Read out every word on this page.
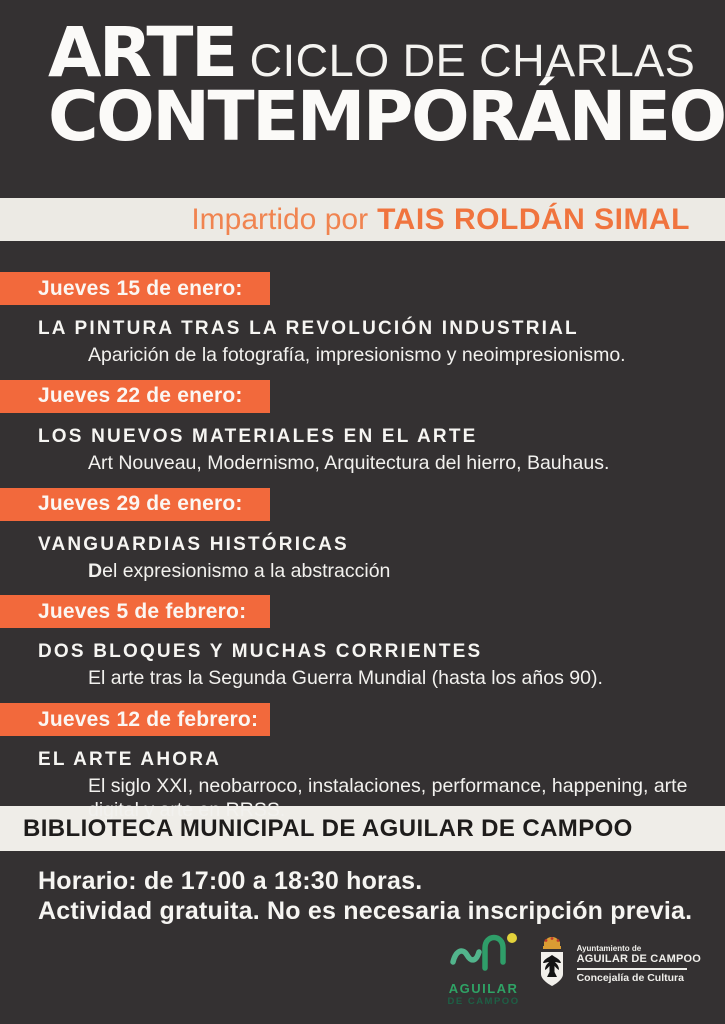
ARTE CICLO DE CHARLAS
CONTEMPORÁNEO
Impartido por TAIS ROLDÁN SIMAL
Jueves 15 de enero:
LA PINTURA TRAS LA REVOLUCIÓN INDUSTRIAL

Aparición de la fotografía, impresionismo y neoimpresionismo.

Jueves 22 de enero:
LOS NUEVOS MATERIALES EN EL ARTE

Art Nouveau, Modernismo, Arquitectura del hierro, Bauhaus.

Jueves 29 de enero:
VANGUARDIAS HISTÓRICAS

Del expresionismo a la abstracción

Jueves 5 de febrero:
DOS BLOQUES Y MUCHAS CORRIENTES

El arte tras la Segunda Guerra Mundial (hasta los años 90).

Jueves 12 de febrero:
EL ARTE AHORA

El siglo XXI, neobarroco, instalaciones, performance, happening, arte digital y arte en RRSS.

BIBLIOTECA MUNICIPAL DE AGUILAR DE CAMPOO

Horario: de 17:00 a 18:30 horas.

Actividad gratuita. No es necesaria inscripción previa.

AGUILAR
DE CAMPOO
Ayuntamiento de
AGUILAR DE CAMPOO
Concejalía de Cultura
